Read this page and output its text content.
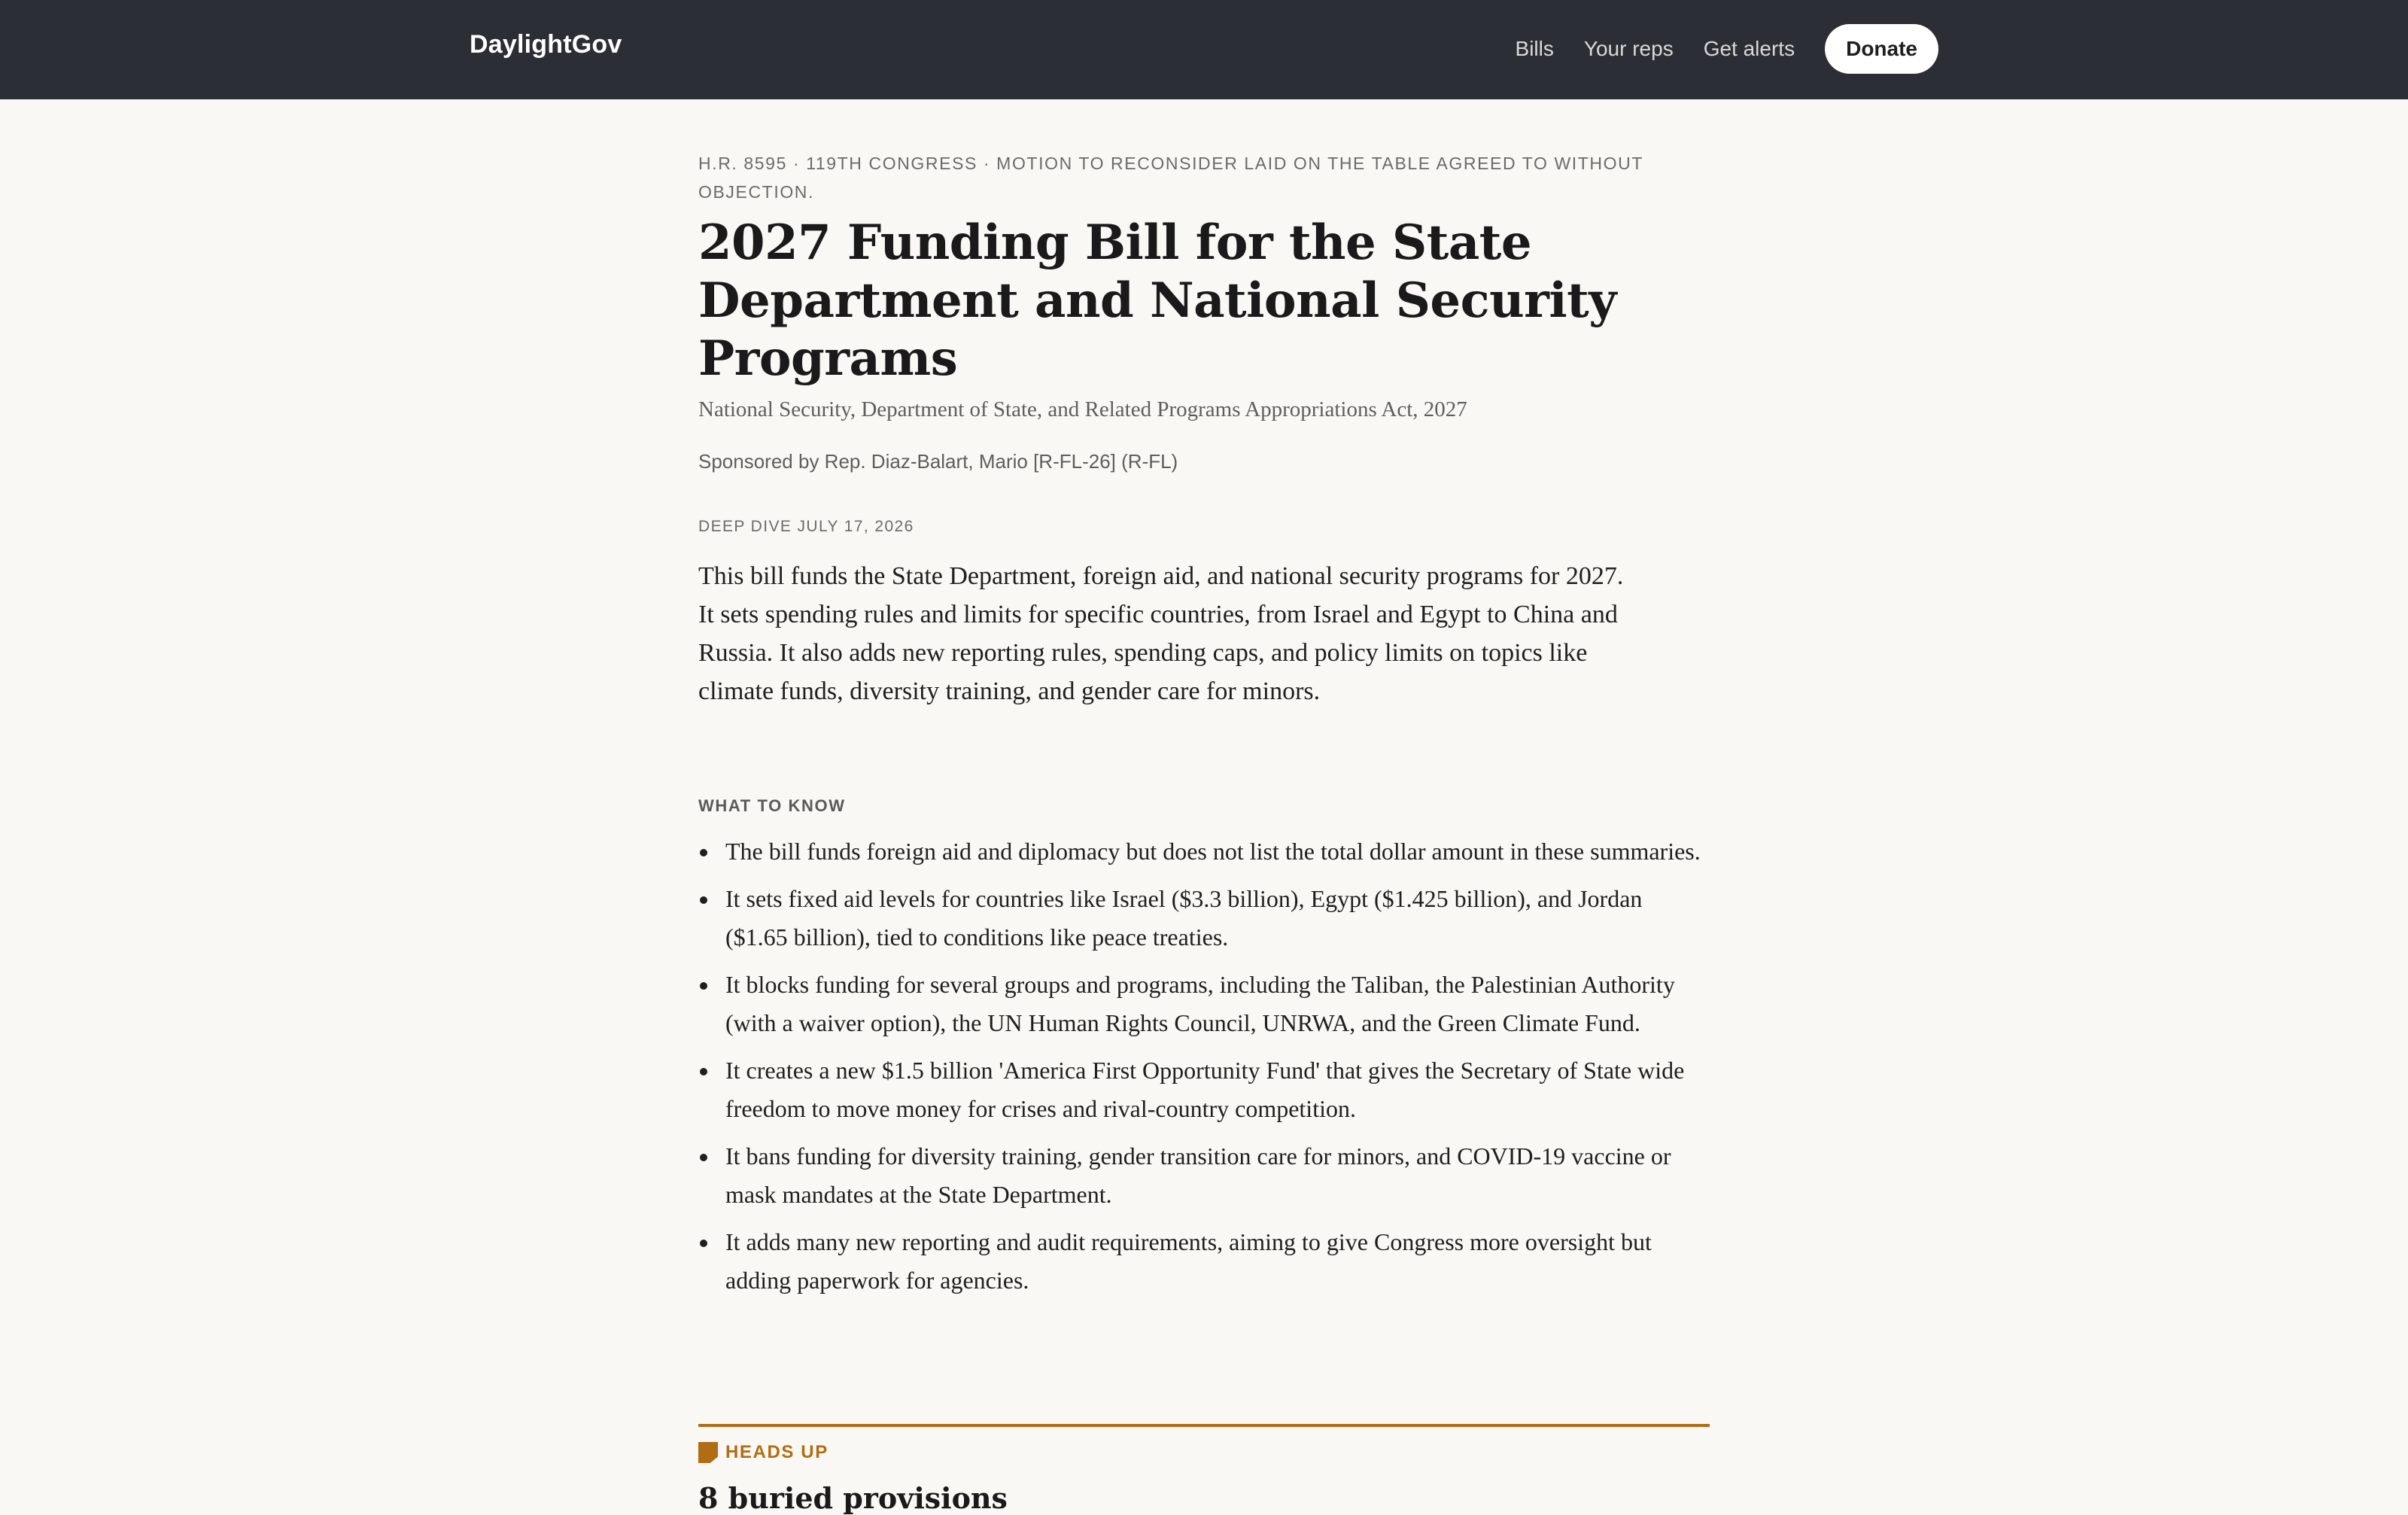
DaylightGov	Bills Your reps Get alerts	Donate
H.R. 8595 · 119TH CONGRESS · MOTION TO RECONSIDER LAID ON THE TABLE AGREED TO WITHOUT OBJECTION.
2027 Funding Bill for the State Department and National Security Programs
National Security, Department of State, and Related Programs Appropriations Act, 2027
Sponsored by Rep. Diaz-Balart, Mario [R-FL-26] (R-FL)
DEEP DIVE JULY 17, 2026

This bill funds the State Department, foreign aid, and national security programs for 2027. It sets spending rules and limits for specific countries, from Israel and Egypt to China and Russia. It also adds new reporting rules, spending caps, and policy limits on topics like climate funds, diversity training, and gender care for minors.

WHAT TO KNOW
The bill funds foreign aid and diplomacy but does not list the total dollar amount in these summaries.
It sets fixed aid levels for countries like Israel ($3.3 billion), Egypt ($1.425 billion), and Jordan ($1.65 billion), tied to conditions like peace treaties.
It blocks funding for several groups and programs, including the Taliban, the Palestinian Authority (with a waiver option), the UN Human Rights Council, UNRWA, and the Green Climate Fund.
It creates a new $1.5 billion 'America First Opportunity Fund' that gives the Secretary of State wide freedom to move money for crises and rival-country competition.
It bans funding for diversity training, gender transition care for minors, and COVID-19 vaccine or mask mandates at the State Department.
It adds many new reporting and audit requirements, aiming to give Congress more oversight but adding paperwork for agencies.
HEADS UP
8 buried provisions
